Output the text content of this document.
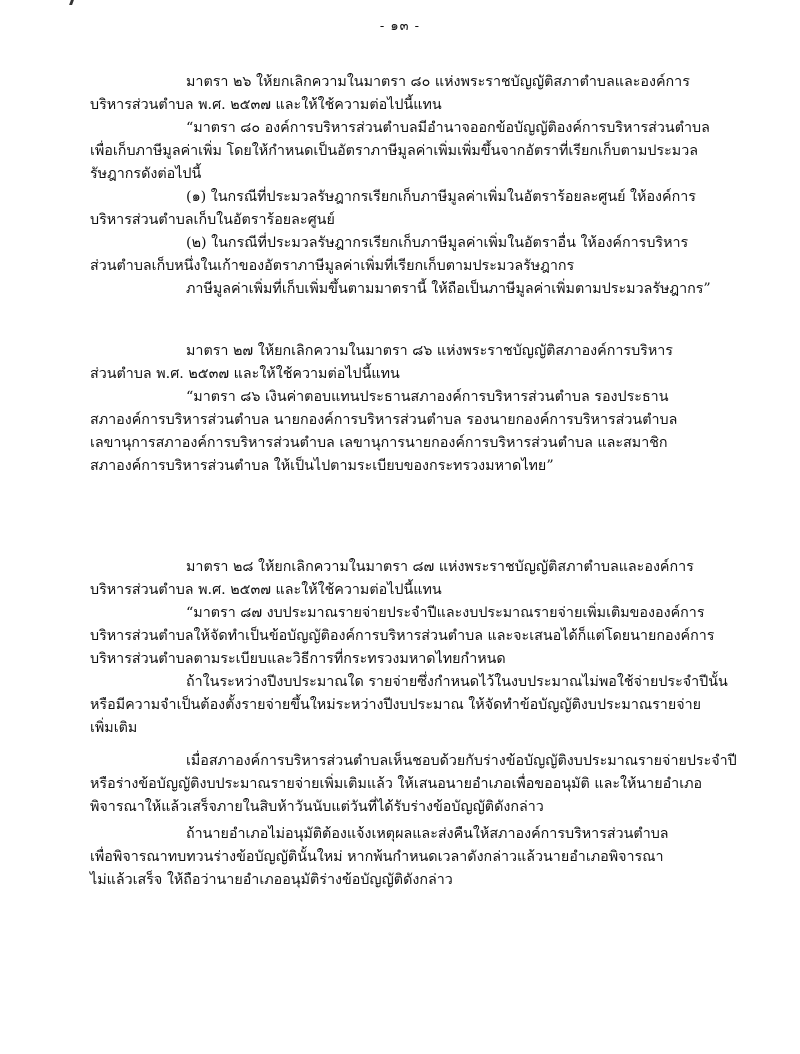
- ๑๓ -
มาตรา ๒๖ ให้ยกเลิกความในมาตรา ๘๐ แห่งพระราชบัญญัติสภาตำบลและองค์การ
บริหารส่วนตำบล พ.ศ. ๒๕๓๗ และให้ใช้ความต่อไปนี้แทน
“มาตรา ๘๐ องค์การบริหารส่วนตำบลมีอำนาจออกข้อบัญญัติองค์การบริหารส่วนตำบล
เพื่อเก็บภาษีมูลค่าเพิ่ม โดยให้กำหนดเป็นอัตราภาษีมูลค่าเพิ่มเพิ่มขึ้นจากอัตราที่เรียกเก็บตามประมวล
รัษฎากรดังต่อไปนี้
(๑) ในกรณีที่ประมวลรัษฎากรเรียกเก็บภาษีมูลค่าเพิ่มในอัตราร้อยละศูนย์ ให้องค์การ
บริหารส่วนตำบลเก็บในอัตราร้อยละศูนย์
(๒) ในกรณีที่ประมวลรัษฎากรเรียกเก็บภาษีมูลค่าเพิ่มในอัตราอื่น ให้องค์การบริหาร
ส่วนตำบลเก็บหนึ่งในเก้าของอัตราภาษีมูลค่าเพิ่มที่เรียกเก็บตามประมวลรัษฎากร
ภาษีมูลค่าเพิ่มที่เก็บเพิ่มขึ้นตามมาตรานี้ ให้ถือเป็นภาษีมูลค่าเพิ่มตามประมวลรัษฎากร”
มาตรา ๒๗ ให้ยกเลิกความในมาตรา ๘๖ แห่งพระราชบัญญัติสภาองค์การบริหาร
ส่วนตำบล พ.ศ. ๒๕๓๗ และให้ใช้ความต่อไปนี้แทน
“มาตรา ๘๖ เงินค่าตอบแทนประธานสภาองค์การบริหารส่วนตำบล รองประธาน
สภาองค์การบริหารส่วนตำบล นายกองค์การบริหารส่วนตำบล รองนายกองค์การบริหารส่วนตำบล
เลขานุการสภาองค์การบริหารส่วนตำบล เลขานุการนายกองค์การบริหารส่วนตำบล และสมาชิก
สภาองค์การบริหารส่วนตำบล ให้เป็นไปตามระเบียบของกระทรวงมหาดไทย”
มาตรา ๒๘ ให้ยกเลิกความในมาตรา ๘๗ แห่งพระราชบัญญัติสภาตำบลและองค์การ
บริหารส่วนตำบล พ.ศ. ๒๕๓๗ และให้ใช้ความต่อไปนี้แทน
“มาตรา ๘๗ งบประมาณรายจ่ายประจำปีและงบประมาณรายจ่ายเพิ่มเติมขององค์การ
บริหารส่วนตำบลให้จัดทำเป็นข้อบัญญัติองค์การบริหารส่วนตำบล และจะเสนอได้ก็แต่โดยนายกองค์การ
บริหารส่วนตำบลตามระเบียบและวิธีการที่กระทรวงมหาดไทยกำหนด
ถ้าในระหว่างปีงบประมาณใด รายจ่ายซึ่งกำหนดไว้ในงบประมาณไม่พอใช้จ่ายประจำปีนั้น
หรือมีความจำเป็นต้องตั้งรายจ่ายขึ้นใหม่ระหว่างปีงบประมาณ ให้จัดทำข้อบัญญัติงบประมาณรายจ่าย
เพิ่มเติม
เมื่อสภาองค์การบริหารส่วนตำบลเห็นชอบด้วยกับร่างข้อบัญญัติงบประมาณรายจ่ายประจำปี
หรือร่างข้อบัญญัติงบประมาณรายจ่ายเพิ่มเติมแล้ว ให้เสนอนายอำเภอเพื่อขออนุมัติ และให้นายอำเภอ
พิจารณาให้แล้วเสร็จภายในสิบห้าวันนับแต่วันที่ได้รับร่างข้อบัญญัติดังกล่าว
ถ้านายอำเภอไม่อนุมัติต้องแจ้งเหตุผลและส่งคืนให้สภาองค์การบริหารส่วนตำบล
เพื่อพิจารณาทบทวนร่างข้อบัญญัตินั้นใหม่ หากพ้นกำหนดเวลาดังกล่าวแล้วนายอำเภอพิจารณา
ไม่แล้วเสร็จ ให้ถือว่านายอำเภออนุมัติร่างข้อบัญญัติดังกล่าว
